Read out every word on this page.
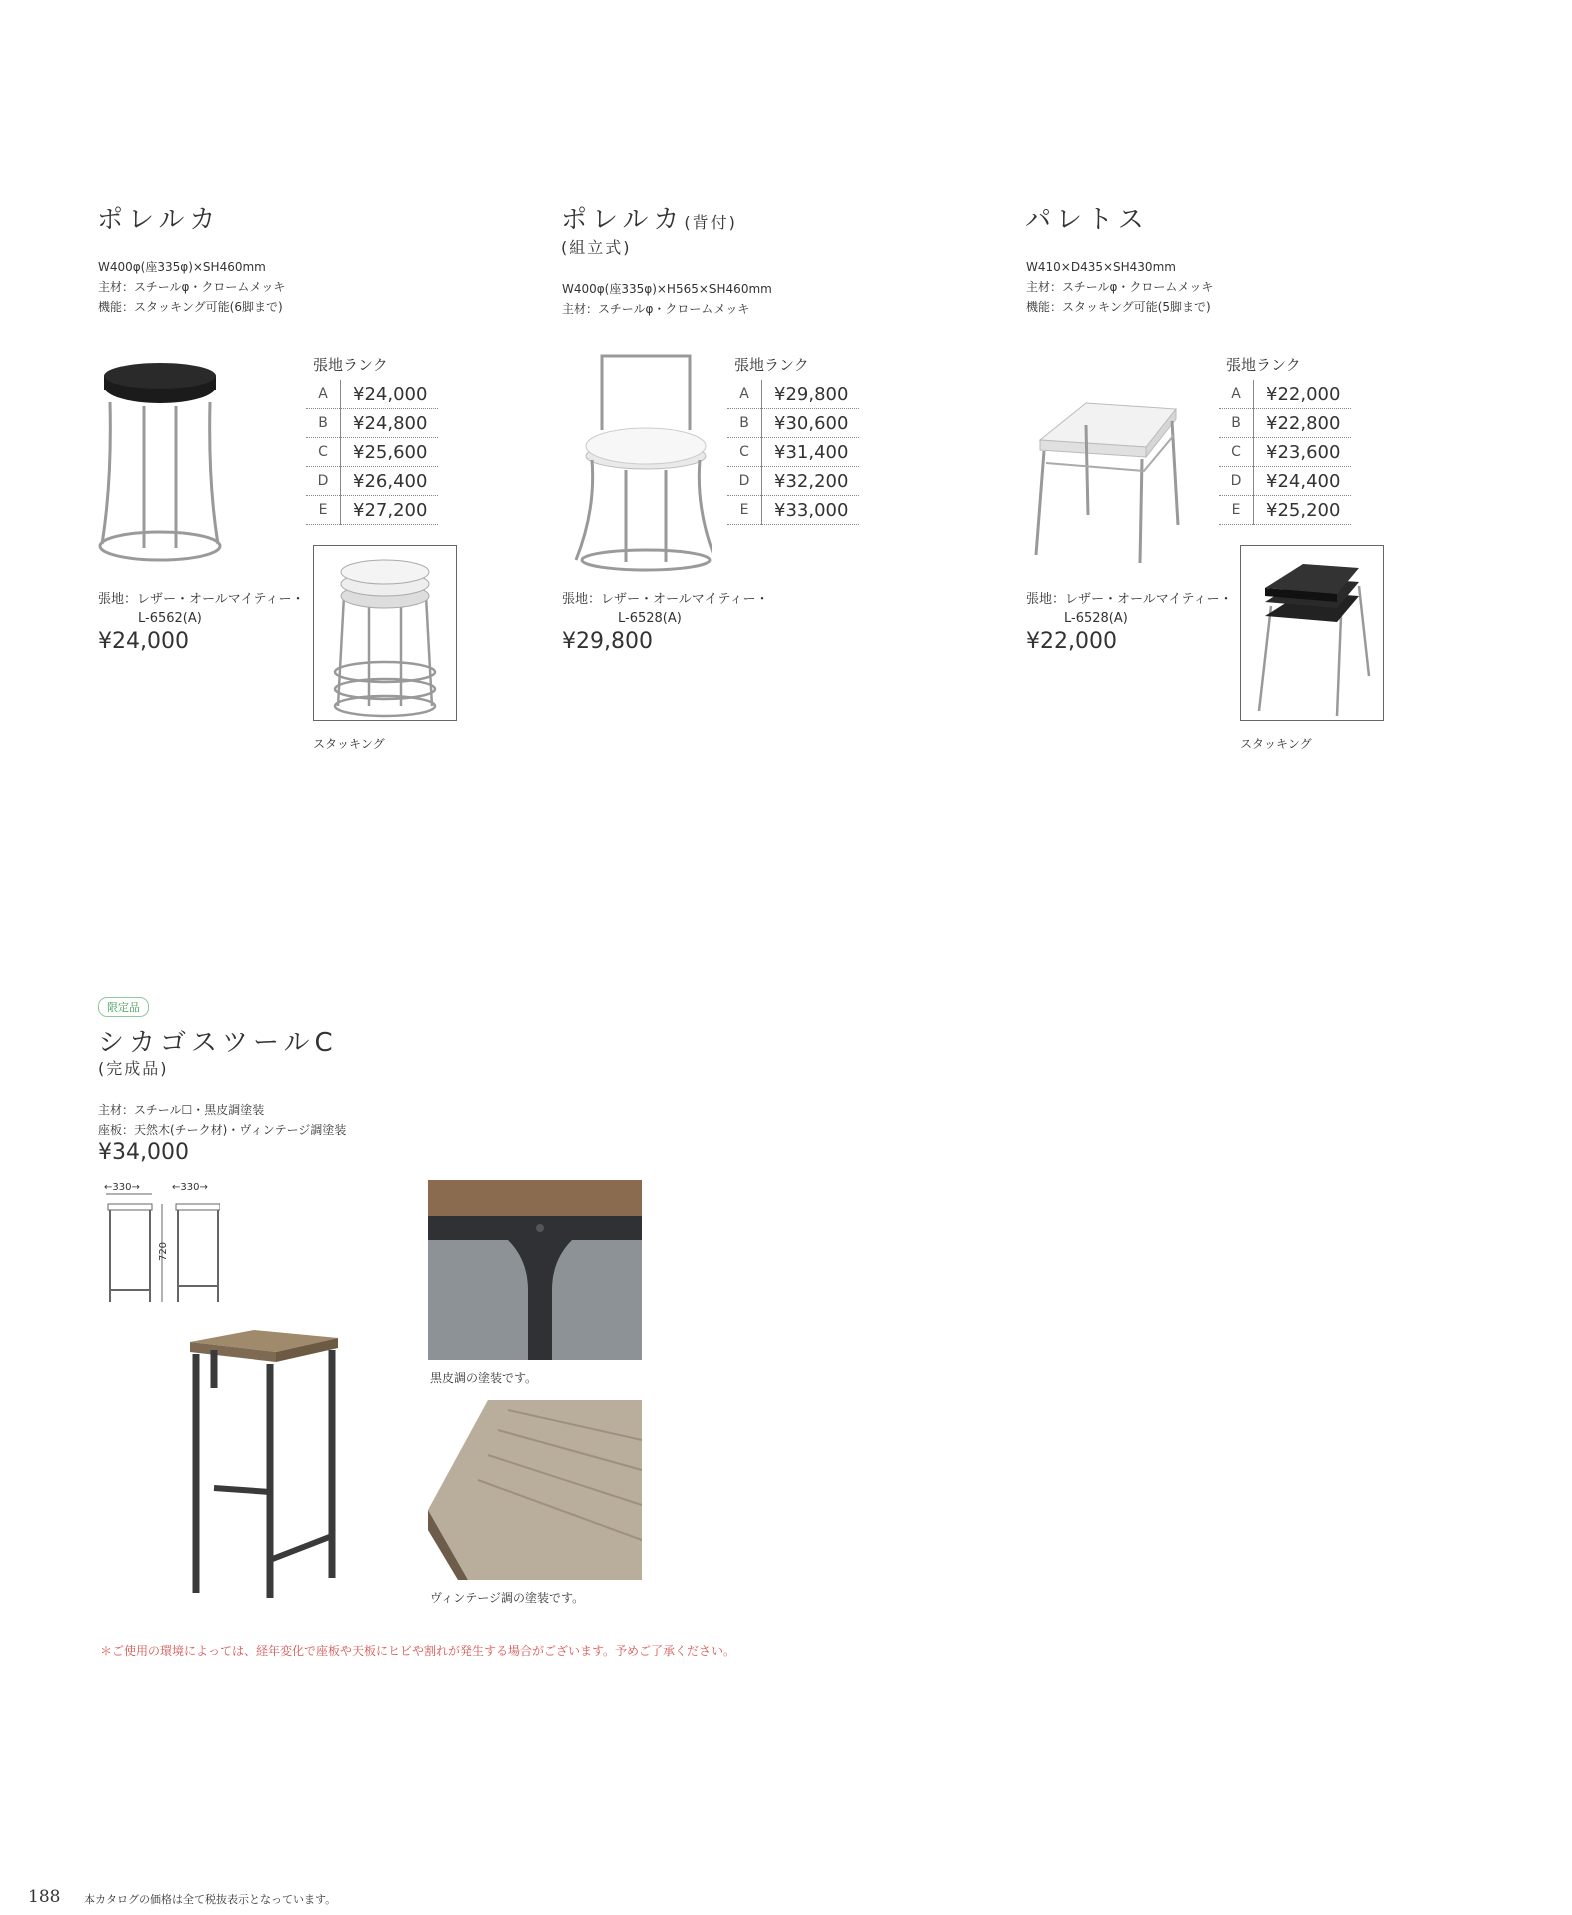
ポレルカ
W400φ(座335φ)×SH460mm
主材：スチールφ・クロームメッキ
機能：スタッキング可能(6脚まで)
張地ランク
A	¥24,000
B	¥24,800
C	¥25,600
D	¥26,400
E	¥27,200
張地：レザー・オールマイティー・
L-6562(A)
¥24,000
スタッキング
ポレルカ(背付)
(組立式)
W400φ(座335φ)×H565×SH460mm
主材：スチールφ・クロームメッキ
張地ランク
A	¥29,800
B	¥30,600
C	¥31,400
D	¥32,200
E	¥33,000
張地：レザー・オールマイティー・
L-6528(A)
¥29,800
パレトス
W410×D435×SH430mm
主材：スチールφ・クロームメッキ
機能：スタッキング可能(5脚まで)
張地ランク
A	¥22,000
B	¥22,800
C	¥23,600
D	¥24,400
E	¥25,200
張地：レザー・オールマイティー・
L-6528(A)
¥22,000
スタッキング
限定品
シカゴスツールC
(完成品)
主材：スチール☐・黒皮調塗装
座板：天然木(チーク材)・ヴィンテージ調塗装
¥34,000
←330→	←330→
720
黒皮調の塗装です。
ヴィンテージ調の塗装です。
＊ご使用の環境によっては、経年変化で座板や天板にヒビや割れが発生する場合がございます。予めご了承ください。
188 本カタログの価格は全て税抜表示となっています。
